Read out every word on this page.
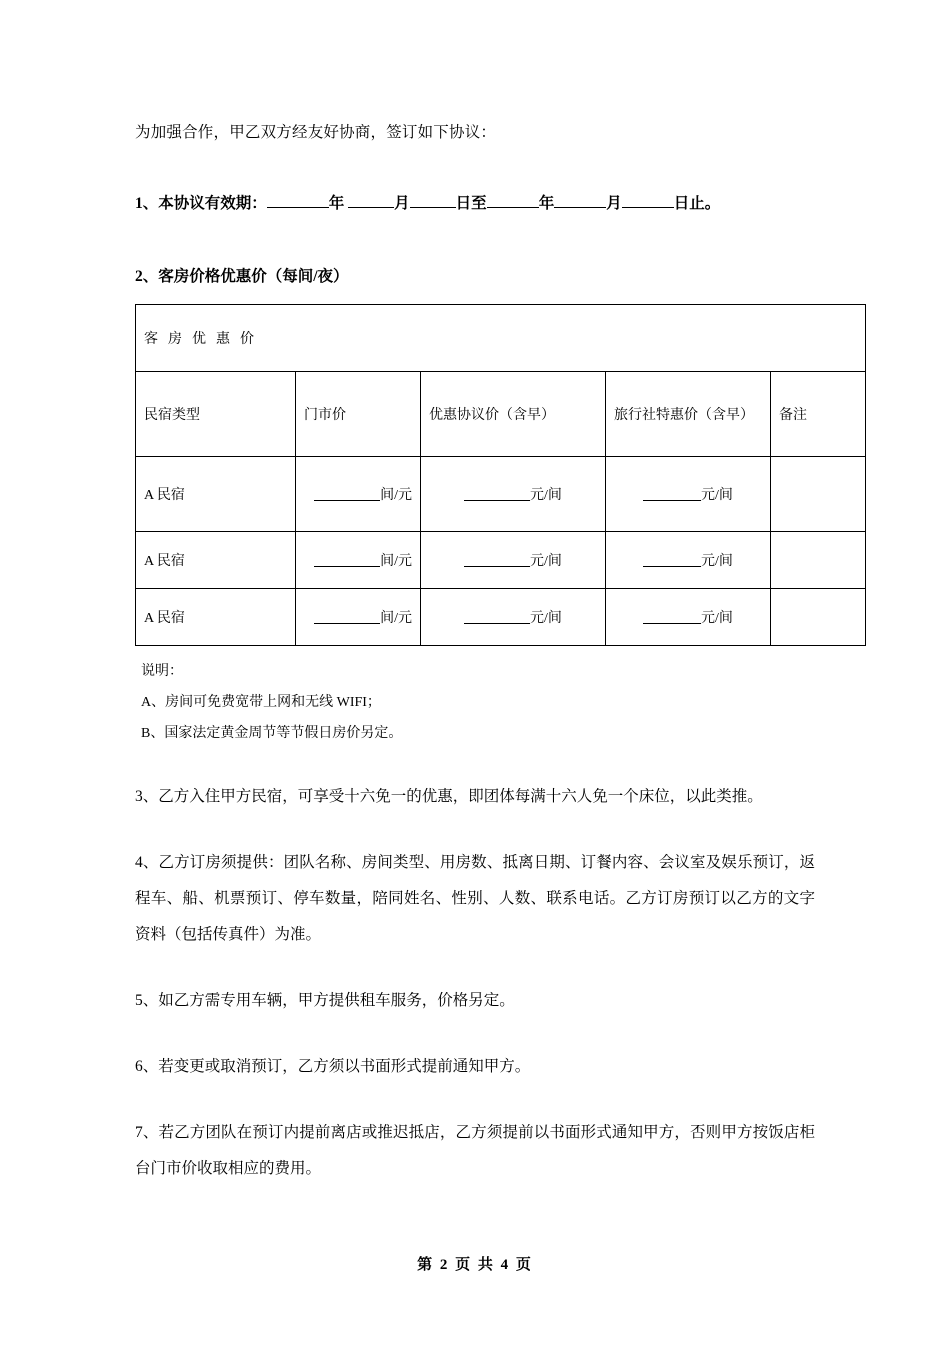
为加强合作，甲乙双方经友好协商，签订如下协议：
1、本协议有效期：	年	月	日至	年	月	日止。
2、客房价格优惠价（每间/夜）
客房优惠价				
民宿类型	门市价	优惠协议价（含早）	旅行社特惠价（含早）	备注
A 民宿	间/元	元/间	元/间	
A 民宿	间/元	元/间	元/间	
A 民宿	间/元	元/间	元/间	
说明：
A、房间可免费宽带上网和无线 WIFI；
B、国家法定黄金周节等节假日房价另定。
3、乙方入住甲方民宿，可享受十六免一的优惠，即团体每满十六人免一个床位，以此类推。
4、乙方订房须提供：团队名称、房间类型、用房数、抵离日期、订餐内容、会议室及娱乐预订，返程车、船、机票预订、停车数量，陪同姓名、性别、人数、联系电话。乙方订房预订以乙方的文字资料（包括传真件）为准。
5、如乙方需专用车辆，甲方提供租车服务，价格另定。
6、若变更或取消预订，乙方须以书面形式提前通知甲方。
7、若乙方团队在预订内提前离店或推迟抵店，乙方须提前以书面形式通知甲方，否则甲方按饭店柜台门市价收取相应的费用。
第 2 页 共 4 页
